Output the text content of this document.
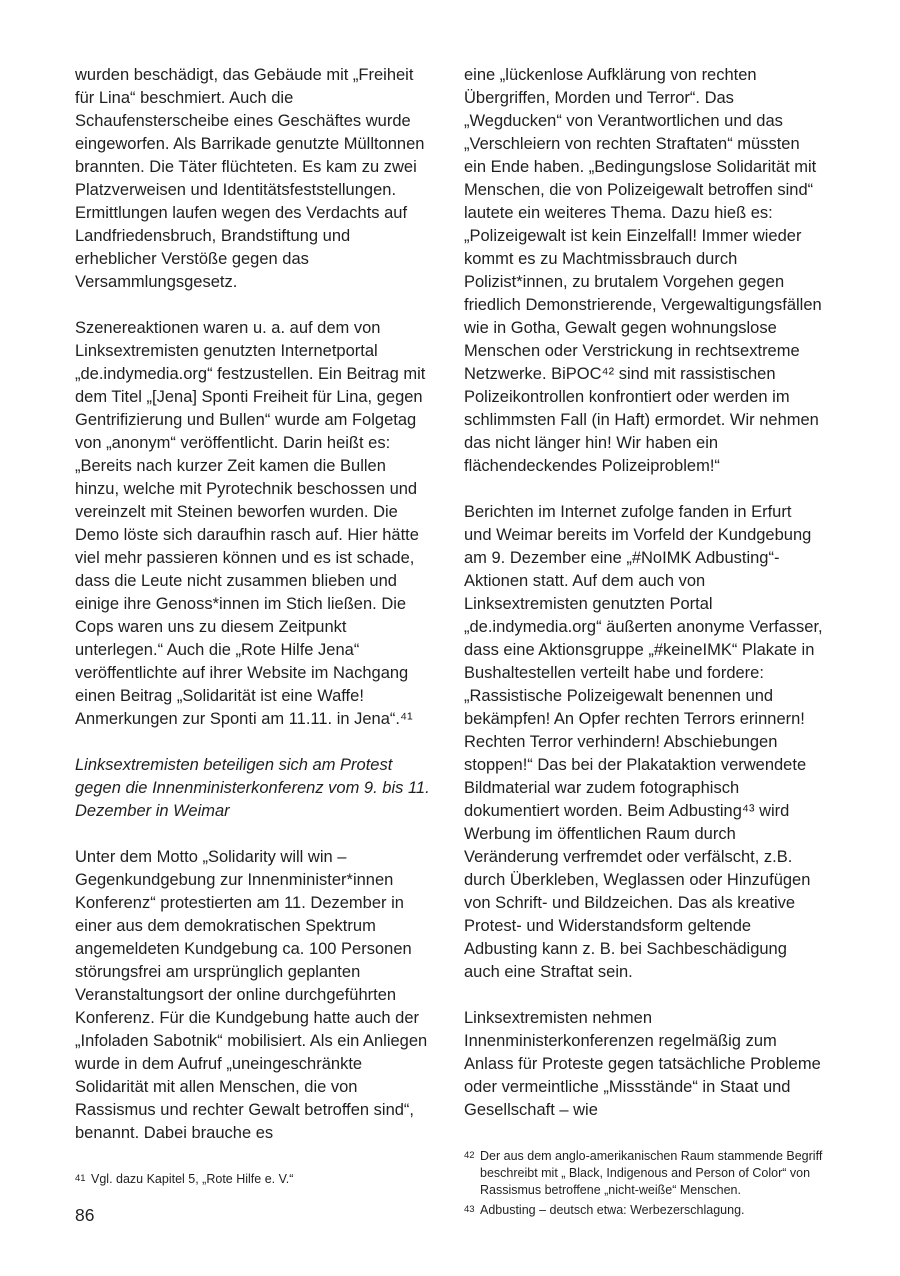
wurden beschädigt, das Gebäude mit „Freiheit für Lina“ beschmiert. Auch die Schaufensterscheibe eines Geschäftes wurde eingeworfen. Als Barrikade genutzte Mülltonnen brannten. Die Täter flüchteten. Es kam zu zwei Platzverweisen und Identitätsfeststellungen. Ermittlungen laufen wegen des Verdachts auf Landfriedensbruch, Brandstiftung und erheblicher Verstöße gegen das Versammlungsgesetz.

Szenereaktionen waren u. a. auf dem von Linksextremisten genutzten Internetportal „de.indymedia.org“ festzustellen. Ein Beitrag mit dem Titel „[Jena] Sponti Freiheit für Lina, gegen Gentrifizierung und Bullen“ wurde am Folgetag von „anonym“ veröffentlicht. Darin heißt es: „Bereits nach kurzer Zeit kamen die Bullen hinzu, welche mit Pyrotechnik beschossen und vereinzelt mit Steinen beworfen wurden. Die Demo löste sich daraufhin rasch auf. Hier hätte viel mehr passieren können und es ist schade, dass die Leute nicht zusammen blieben und einige ihre Genoss*innen im Stich ließen. Die Cops waren uns zu diesem Zeitpunkt unterlegen.“ Auch die „Rote Hilfe Jena“ veröffentlichte auf ihrer Website im Nachgang einen Beitrag „Solidarität ist eine Waffe! Anmerkungen zur Sponti am 11.11. in Jena“.⁴¹

Linksextremisten beteiligen sich am Protest gegen die Innenministerkonferenz vom 9. bis 11. Dezember in Weimar

Unter dem Motto „Solidarity will win – Gegenkundgebung zur Innenminister*innen Konferenz“ protestierten am 11. Dezember in einer aus dem demokratischen Spektrum angemeldeten Kundgebung ca. 100 Personen störungsfrei am ursprünglich geplanten Veranstaltungsort der online durchgeführten Konferenz. Für die Kundgebung hatte auch der „Infoladen Sabotnik“ mobilisiert. Als ein Anliegen wurde in dem Aufruf „uneingeschränkte Solidarität mit allen Menschen, die von Rassismus und rechter Gewalt betroffen sind“, benannt. Dabei brauche es

41 Vgl. dazu Kapitel 5, „Rote Hilfe e. V.“

eine „lückenlose Aufklärung von rechten Übergriffen, Morden und Terror“. Das „Wegducken“ von Verantwortlichen und das „Verschleiern von rechten Straftaten“ müssten ein Ende haben. „Bedingungslose Solidarität mit Menschen, die von Polizeigewalt betroffen sind“ lautete ein weiteres Thema. Dazu hieß es: „Polizeigewalt ist kein Einzelfall! Immer wieder kommt es zu Machtmissbrauch durch Polizist*innen, zu brutalem Vorgehen gegen friedlich Demonstrierende, Vergewaltigungsfällen wie in Gotha, Gewalt gegen wohnungslose Menschen oder Verstrickung in rechtsextreme Netzwerke. BiPOC⁴² sind mit rassistischen Polizeikontrollen konfrontiert oder werden im schlimmsten Fall (in Haft) ermordet. Wir nehmen das nicht länger hin! Wir haben ein flächendeckendes Polizeiproblem!“

Berichten im Internet zufolge fanden in Erfurt und Weimar bereits im Vorfeld der Kundgebung am 9. Dezember eine „#NoIMK Adbusting“-Aktionen statt. Auf dem auch von Linksextremisten genutzten Portal „de.indymedia.org“ äußerten anonyme Verfasser, dass eine Aktionsgruppe „#keineIMK“ Plakate in Bushaltestellen verteilt habe und fordere: „Rassistische Polizeigewalt benennen und bekämpfen! An Opfer rechten Terrors erinnern! Rechten Terror verhindern! Abschiebungen stoppen!“ Das bei der Plakataktion verwendete Bildmaterial war zudem fotographisch dokumentiert worden. Beim Adbusting⁴³ wird Werbung im öffentlichen Raum durch Veränderung verfremdet oder verfälscht, z.B. durch Überkleben, Weglassen oder Hinzufügen von Schrift- und Bildzeichen. Das als kreative Protest- und Widerstandsform geltende Adbusting kann z. B. bei Sachbeschädigung auch eine Straftat sein.

Linksextremisten nehmen Innenministerkonferenzen regelmäßig zum Anlass für Proteste gegen tatsächliche Probleme oder vermeintliche „Missstände“ in Staat und Gesellschaft – wie

42 Der aus dem anglo-amerikanischen Raum stammende Begriff beschreibt mit „ Black, Indigenous and Person of Color“ von Rassismus betroffene „nicht-weiße“ Menschen.
43 Adbusting – deutsch etwa: Werbezerschlagung.
86
